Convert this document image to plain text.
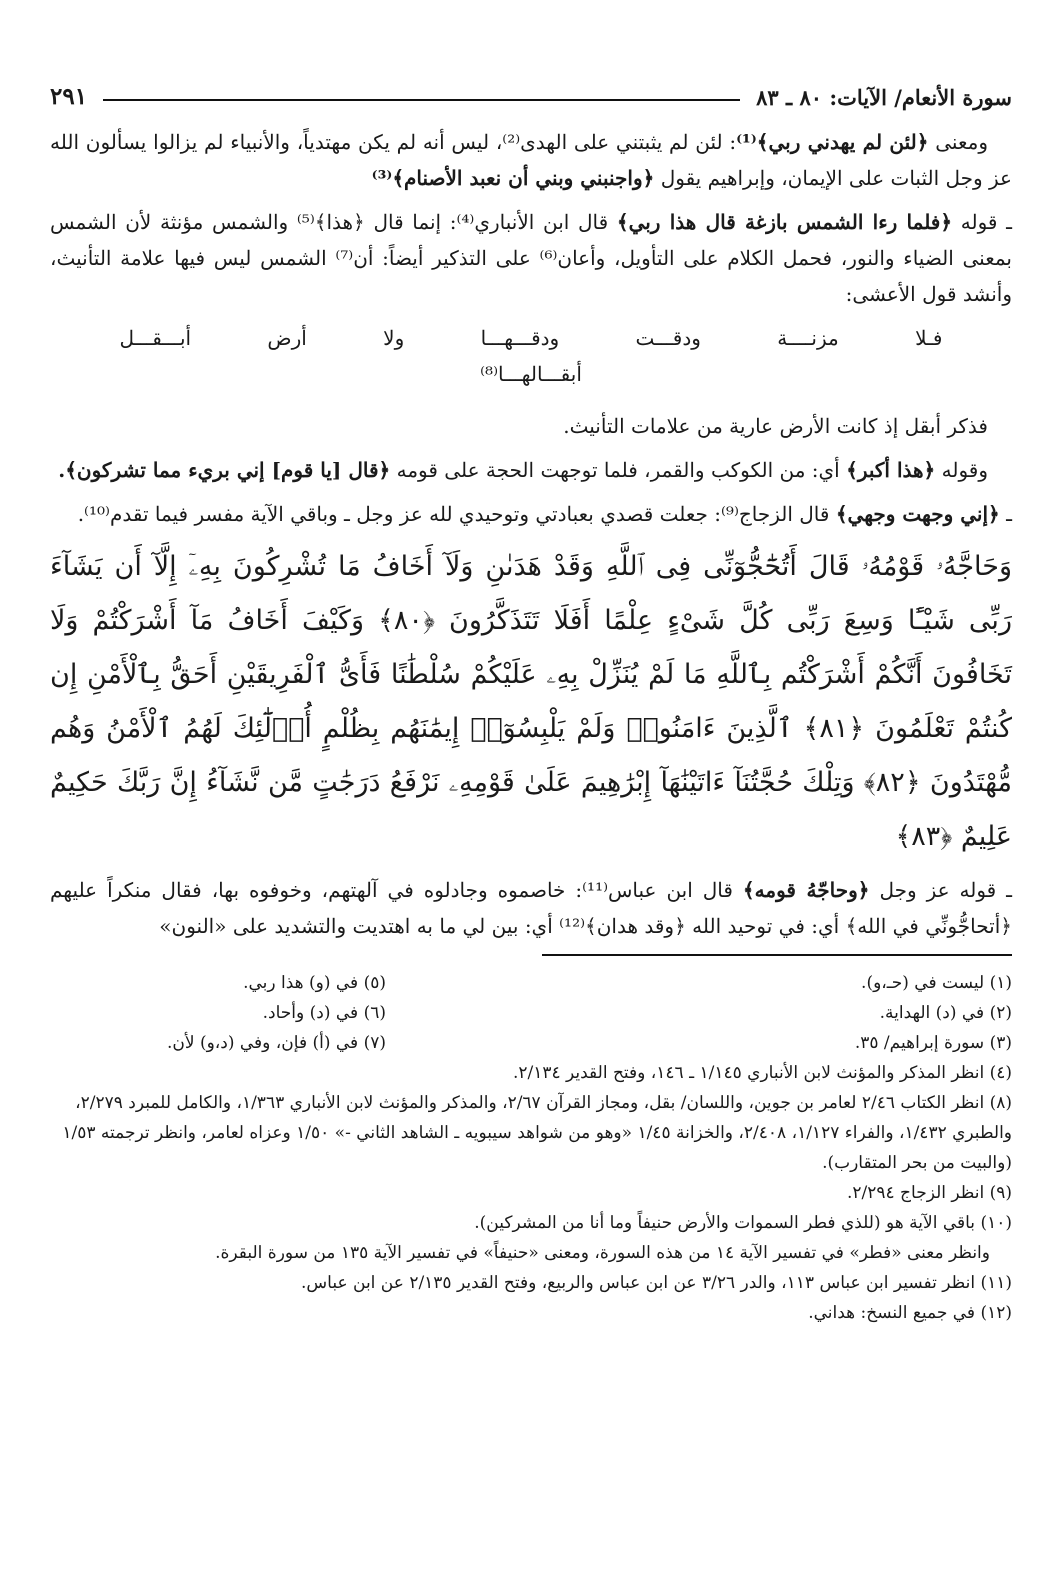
سورة الأنعام/ الآيات: ٨٠ ـ ٨٣
٢٩١

ومعنى ﴿لئن لم يهدني ربي﴾⁽¹⁾: لئن لم يثبتني على الهدى⁽²⁾، ليس أنه لم يكن مهتدياً، والأنبياء لم يزالوا يسألون الله عز وجل الثبات على الإيمان، وإبراهيم يقول ﴿واجنبني وبني أن نعبد الأصنام﴾⁽³⁾

ـ قوله ﴿فلما رءا الشمس بازغة قال هذا ربي﴾ قال ابن الأنباري⁽⁴⁾: إنما قال ﴿هذا﴾⁽⁵⁾ والشمس مؤنثة لأن الشمس بمعنى الضياء والنور، فحمل الكلام على التأويل، وأعان⁽⁶⁾ على التذكير أيضاً: أن⁽⁷⁾ الشمس ليس فيها علامة التأنيث، وأنشد قول الأعشى:

فـلا مزنــــة ودقـــت ودقـــهـــا ولا أرض أبـــقـــل أبقـــالهـــا⁽⁸⁾

فذكر أبقل إذ كانت الأرض عارية من علامات التأنيث.

وقوله ﴿هذا أكبر﴾ أي: من الكوكب والقمر، فلما توجهت الحجة على قومه ﴿قال [يا قوم] إني بريء مما تشركون﴾.

ـ ﴿إني وجهت وجهي﴾ قال الزجاج⁽⁹⁾: جعلت قصدي بعبادتي وتوحيدي لله عز وجل ـ وباقي الآية مفسر فيما تقدم⁽¹⁰⁾.

وَحَاجَّهُۥ قَوْمُهُۥ قَالَ أَتُحَٰٓجُّوٓنِّى فِى ٱللَّهِ وَقَدْ هَدَىٰنِ وَلَآ أَخَافُ مَا تُشْرِكُونَ بِهِۦٓ إِلَّآ أَن يَشَآءَ رَبِّى شَيْـًٔا وَسِعَ رَبِّى كُلَّ شَىْءٍ عِلْمًا أَفَلَا تَتَذَكَّرُونَ ﴿٨٠﴾ وَكَيْفَ أَخَافُ مَآ أَشْرَكْتُمْ وَلَا تَخَافُونَ أَنَّكُمْ أَشْرَكْتُم بِٱللَّهِ مَا لَمْ يُنَزِّلْ بِهِۦ عَلَيْكُمْ سُلْطَٰنًا فَأَىُّ ٱلْفَرِيقَيْنِ أَحَقُّ بِٱلْأَمْنِ إِن كُنتُمْ تَعْلَمُونَ ﴿٨١﴾ ٱلَّذِينَ ءَامَنُوا۟ وَلَمْ يَلْبِسُوٓا۟ إِيمَٰنَهُم بِظُلْمٍ أُو۟لَٰٓئِكَ لَهُمُ ٱلْأَمْنُ وَهُم مُّهْتَدُونَ ﴿٨٢﴾ وَتِلْكَ حُجَّتُنَآ ءَاتَيْنَٰهَآ إِبْرَٰهِيمَ عَلَىٰ قَوْمِهِۦ نَرْفَعُ دَرَجَٰتٍ مَّن نَّشَآءُ إِنَّ رَبَّكَ حَكِيمٌ عَلِيمٌ ﴿٨٣﴾

ـ قوله عز وجل ﴿وحاجّهُ قومه﴾ قال ابن عباس⁽¹¹⁾: خاصموه وجادلوه في آلهتهم، وخوفوه بها، فقال منكراً عليهم ﴿أتحاجُّونِّي في الله﴾ أي: في توحيد الله ﴿وقد هدان﴾⁽¹²⁾ أي: بين لي ما به اهتديت والتشديد على «النون»

(١) ليست في (حـ،و).

(٢) في (د) الهداية.

(٣) سورة إبراهيم/ ٣٥.

(٥) في (و) هذا ربي.

(٦) في (د) وأحاد.

(٧) في (أ) فإن، وفي (د،و) لأن.

(٤) انظر المذكر والمؤنث لابن الأنباري ١/١٤٥ ـ ١٤٦، وفتح القدير ٢/١٣٤.

(٨) انظر الكتاب ٢/٤٦ لعامر بن جوين، واللسان/ بقل، ومجاز القرآن ٢/٦٧، والمذكر والمؤنث لابن الأنباري ١/٣٦٣، والكامل للمبرد ٢/٢٧٩، والطبري ١/٤٣٢، والفراء ١/١٢٧، ٢/٤٠٨، والخزانة ١/٤٥ «وهو من شواهد سيبويه ـ الشاهد الثاني -» ١/٥٠ وعزاه لعامر، وانظر ترجمته ١/٥٣ (والبيت من بحر المتقارب).

(٩) انظر الزجاج ٢/٢٩٤.

(١٠) باقي الآية هو (للذي فطر السموات والأرض حنيفاً وما أنا من المشركين).

وانظر معنى «فطر» في تفسير الآية ١٤ من هذه السورة، ومعنى «حنيفاً» في تفسير الآية ١٣٥ من سورة البقرة.

(١١) انظر تفسير ابن عباس ١١٣، والدر ٣/٢٦ عن ابن عباس والربيع، وفتح القدير ٢/١٣٥ عن ابن عباس.

(١٢) في جميع النسخ: هداني.
